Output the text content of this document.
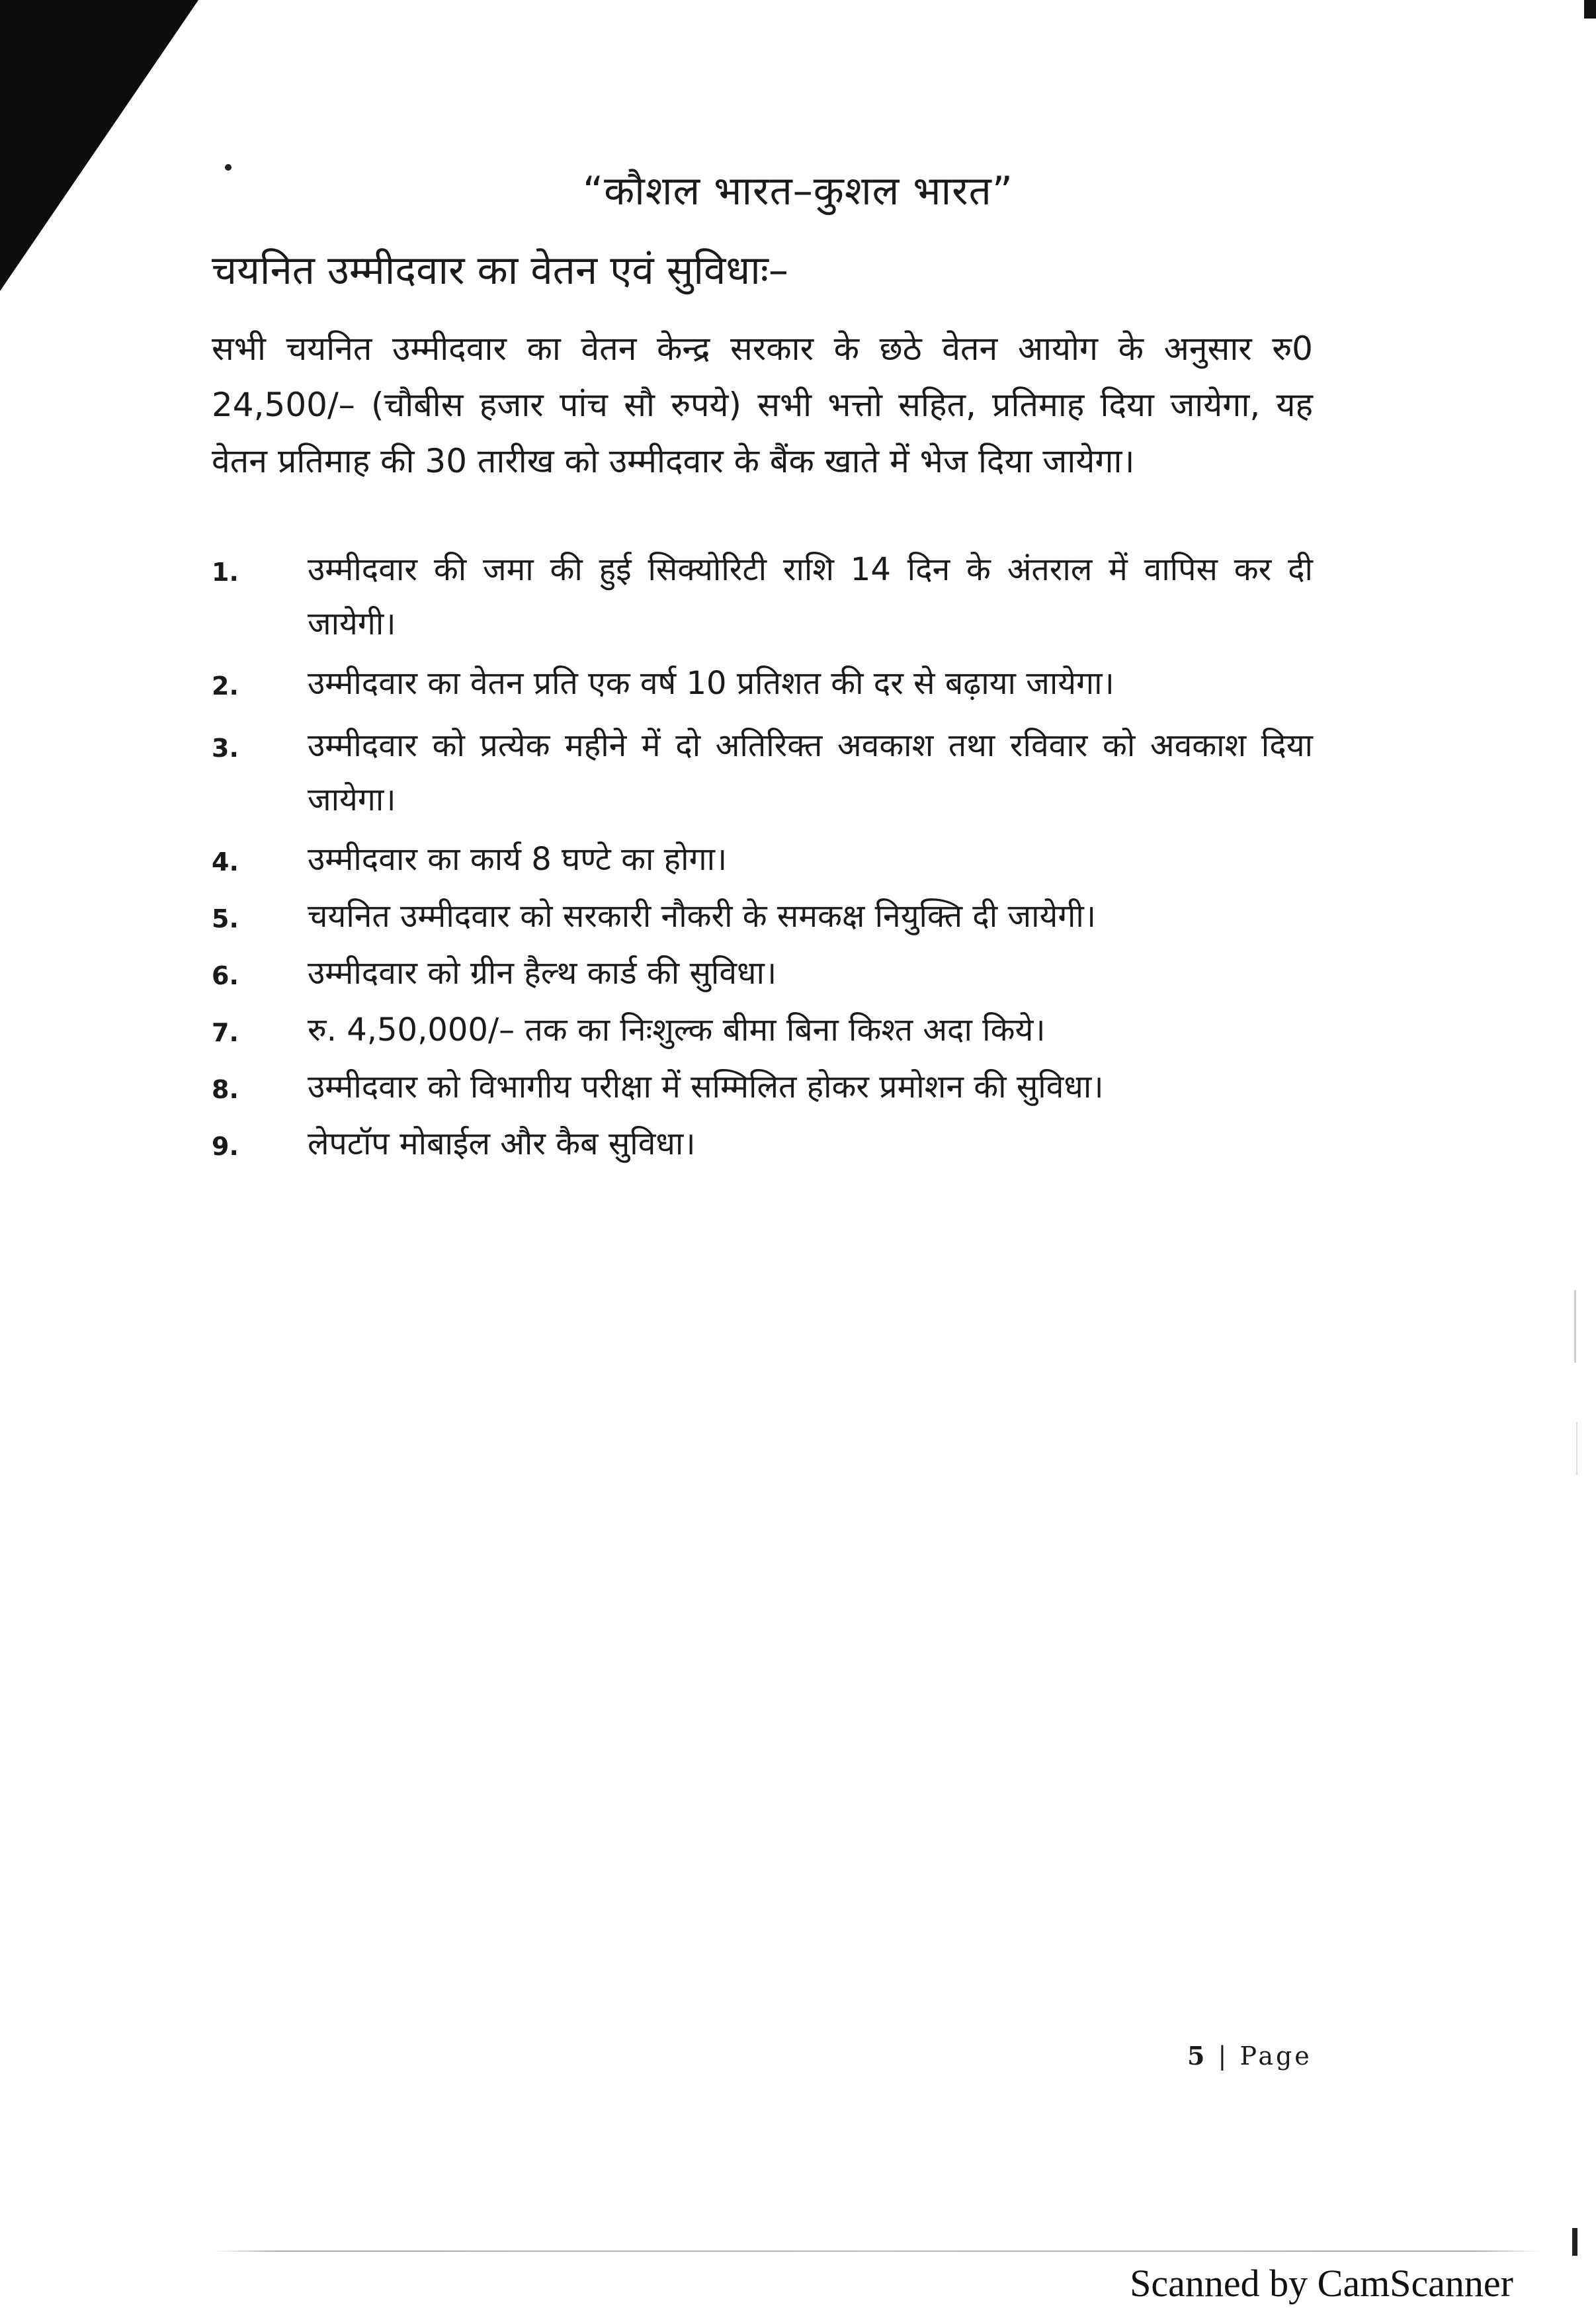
“कौशल भारत–कुशल भारत”
चयनित उम्मीदवार का वेतन एवं सुविधाः–
सभी चयनित उम्मीदवार का वेतन केन्द्र सरकार के छठे वेतन आयोग के अनुसार रु0 24,500/– (चौबीस हजार पांच सौ रुपये) सभी भत्तो सहित, प्रतिमाह दिया जायेगा, यह वेतन प्रतिमाह की 30 तारीख को उम्मीदवार के बैंक खाते में भेज दिया जायेगा।
1.	उम्मीदवार की जमा की हुई सिक्योरिटी राशि 14 दिन के अंतराल में वापिस कर दी जायेगी।
2.	उम्मीदवार का वेतन प्रति एक वर्ष 10 प्रतिशत की दर से बढ़ाया जायेगा।
3.	उम्मीदवार को प्रत्येक महीने में दो अतिरिक्त अवकाश तथा रविवार को अवकाश दिया जायेगा।
4.	उम्मीदवार का कार्य 8 घण्टे का होगा।
5.	चयनित उम्मीदवार को सरकारी नौकरी के समकक्ष नियुक्ति दी जायेगी।
6.	उम्मीदवार को ग्रीन हैल्थ कार्ड की सुविधा।
7.	रु. 4,50,000/– तक का निःशुल्क बीमा बिना किश्त अदा किये।
8.	उम्मीदवार को विभागीय परीक्षा में सम्मिलित होकर प्रमोशन की सुविधा।
9.	लेपटॉप मोबाईल और कैब सुविधा।
5 | Page
Scanned by CamScanner
